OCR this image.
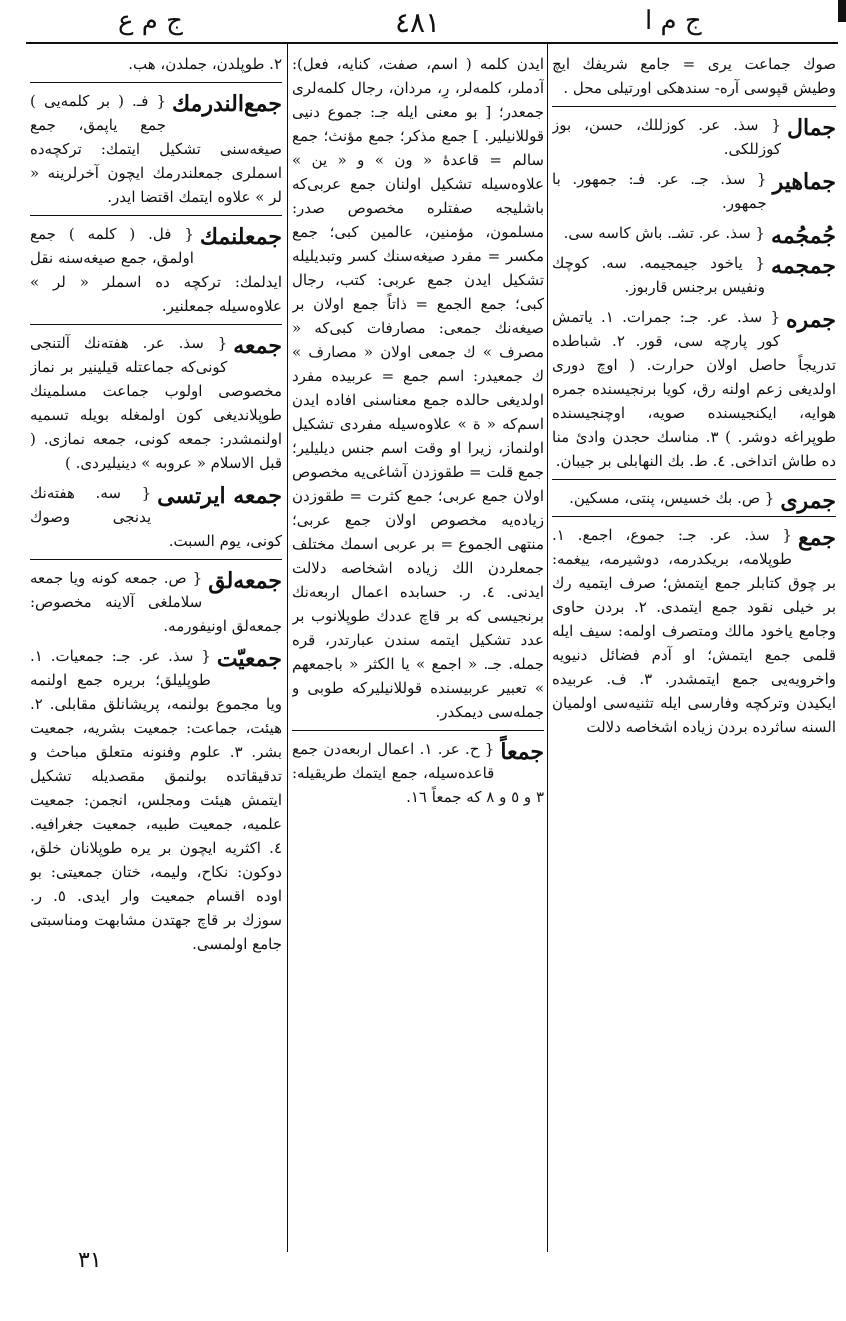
ج م ع	٤٨١	ج م ا
صوك جماعت يرى = جامع شريفك ايچ وطيش قپوسى آره- سندهكى اورتيلى محل .
جمال
{ سذ. عر. كوزللك، حسن، بوز كوزللكى.
جماهير
{ سذ. جـ. عر. فـ: جمهور. با جمهور.
جُمجُمه
{ سذ. عر. تشـ. باش كاسه سى.
جمجمه
{ ياخود جيمجيمه. سه. كوچك ونفيس برجنس قاربوز.
جمره
{ سذ. عر. جـ: جمرات. ١. ياتمش كور پارچه سى، قور. ٢. شباطده تدريجاً حاصل اولان حرارت. ( اوچ دورى اولديغى زعم اولنه رق، كويا برنجيسنده جمره هوايه، ايكنجيسنده صويه، اوچنجيسنده طوپراغه دوشر. ) ٣. مناسك حجدن وادئ منا ده طاش اتداخى. ٤. ط. بك النهابلى بر جيبان.
جمرى
{ ص. بك خسيس، پنتى، مسكين.
جمع
{ سذ. عر. جـ: جموع، اجمع. ١. طوپلامه، بريكدرمه، دوشيرمه، ييغمه: بر چوق كتابلر جمع ايتمش؛ صرف ايتميه رك بر خيلى نقود جمع ايتمدى. ٢. بردن حاوى وجامع ياخود مالك ومتصرف اولمه: سيف ايله قلمى جمع ايتمش؛ او آدم فضائل دنيويه واخرويه‌يى جمع ايتمشدر. ٣. ف. عربيده ايكيدن وتركچه وفارسى ايله تثنيه‌سى اولميان السنه ساثرده بردن زياده اشخاصه دلالت
ايدن كلمه ( اسم، صفت، كنايه، فعل): آدملر، كلمه‌لر، رِ، مردان، رجال كلمه‌لرى جمعدر؛ [ بو معنى ايله جـ: جموع دنيى قوللانيلير. ] جمع مذكر؛ جمع مؤنث؛ جمع سالم = قاعدهٔ « ون » و « ين » علاوه‌سيله تشكيل اولنان جمع عربى‌كه باشليجه صفتلره مخصوص صدر: مسلمون، مؤمنين، عالمين كبى؛ جمع مكسر = مفرد صيغه‌سنك كسر وتبديليله تشكيل ايدن جمع عربى: كتب، رجال كبى؛ جمع الجمع = ذاتاً جمع اولان بر صيغه‌نك جمعى: مصارفات كبى‌كه « مصرف » ك جمعى اولان « مصارف » ك جمعيدر: اسم جمع = عربيده مفرد اولديغى حالده جمع معناسنى افاده ايدن اسم‌كه « ة » علاوه‌سيله مفردى تشكيل اولنماز، زيرا او وقت اسم جنس ديليلير؛ جمع قلت = طقوزدن آشاغى‌يه مخصوص اولان جمع عربى؛ جمع كثرت = طقوزدن زياده‌يه مخصوص اولان جمع عربى؛ منتهى الجموع = بر عربى اسمك مختلف جمعلردن الك زياده اشخاصه دلالت ايدنى. ٤. ر. حسابده اعمال اربعه‌نك برنجيسى كه بر قاچ عددك طوپلانوب بر عدد تشكيل ايتمه سندن عبارتدر، قره جمله. جـ. « اجمع » يا الكثر « باجمعهم » تعبير عربيسنده قوللانيليركه طوبى و جمله‌سى ديمكدر.
جمعاً
{ ح. عر. ١. اعمال اربعه‌دن جمع قاعده‌سيله، جمع ايتمك طريقيله: ٣ و ٥ و ٨ كه جمعاً ١٦.
٢. طوپلدن، جملدن، هب.
جمع‌الندرمك
{ فـ. ( بر كلمه‌يى ) جمع ياپمق، جمع صيغه‌سنى تشكيل ايتمك: تركچه‌ده اسملرى جمعلندرمك ايچون آخرلرينه « لر » علاوه ايتمك اقتضا ايدر.
جمعلنمك
{ فل. ( كلمه ) جمع اولمق، جمع صيغه‌سنه نقل ايدلمك: تركچه ده اسملر « لر » علاوه‌سيله جمعلنير.
جمعه
{ سذ. عر. هفته‌نك آلتنجى كونى‌كه جماعتله قيلينير بر نماز مخصوصى اولوب جماعت مسلمينك طوپلانديغى كون اولمغله بويله تسميه اولنمشدر: جمعه كونى، جمعه نمازى. ( قبل الاسلام « عروبه » دينيليردى. )
جمعه ايرتسى
{ سه. هفته‌نك يدنجى وصوك كونى، يوم السبت.
جمعه‌لق
{ ص. جمعه كونه ويا جمعه سلاملغى آلاينه مخصوص: جمعه‌لق اونيفورمه.
جمعيّت
{ سذ. عر. جـ: جمعيات. ١. طوپليلق؛ بريره جمع اولنمه ويا مجموع بولنمه، پريشانلق مقابلى. ٢. هيئت، جماعت: جمعيت بشريه، جمعيت بشر. ٣. علوم وفنونه متعلق مباحث و تدقيقاتده بولنمق مقصديله تشكيل ايتمش هيئت ومجلس، انجمن: جمعيت علميه، جمعيت طبيه، جمعيت جغرافيه. ٤. اكثريه ايچون بر يره طوپلانان خلق، دوكون: نكاح، وليمه، ختان جمعيتى: بو اوده اقسام جمعيت وار ايدى. ٥. ر. سوزك بر قاچ جهتدن مشابهت ومناسبتى جامع اولمسى.
٣١
